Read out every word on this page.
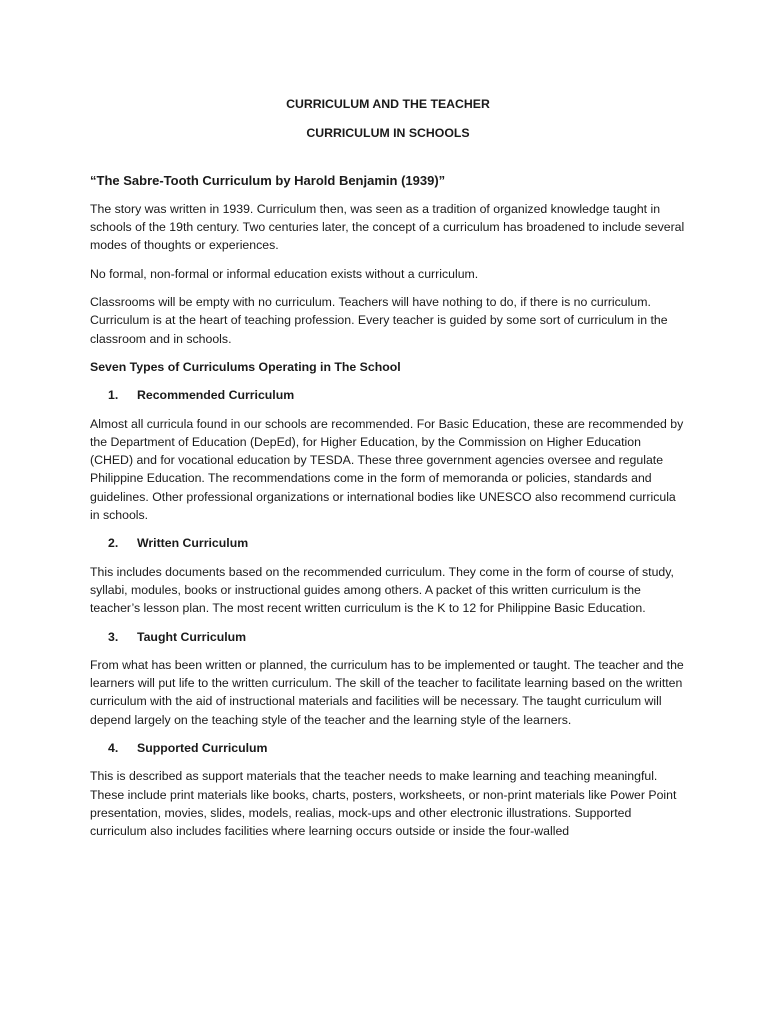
CURRICULUM AND THE TEACHER

CURRICULUM IN SCHOOLS

“The Sabre-Tooth Curriculum by Harold Benjamin (1939)”

The story was written in 1939. Curriculum then, was seen as a tradition of organized knowledge taught in schools of the 19th century. Two centuries later, the concept of a curriculum has broadened to include several modes of thoughts or experiences.

No formal, non-formal or informal education exists without a curriculum.

Classrooms will be empty with no curriculum. Teachers will have nothing to do, if there is no curriculum. Curriculum is at the heart of teaching profession. Every teacher is guided by some sort of curriculum in the classroom and in schools.

Seven Types of Curriculums Operating in The School

1.	Recommended Curriculum

Almost all curricula found in our schools are recommended. For Basic Education, these are recommended by the Department of Education (DepEd), for Higher Education, by the Commission on Higher Education (CHED) and for vocational education by TESDA. These three government agencies oversee and regulate Philippine Education. The recommendations come in the form of memoranda or policies, standards and guidelines. Other professional organizations or international bodies like UNESCO also recommend curricula in schools.

2.	Written Curriculum

This includes documents based on the recommended curriculum. They come in the form of course of study, syllabi, modules, books or instructional guides among others. A packet of this written curriculum is the teacher’s lesson plan. The most recent written curriculum is the K to 12 for Philippine Basic Education.

3.	Taught Curriculum

From what has been written or planned, the curriculum has to be implemented or taught. The teacher and the learners will put life to the written curriculum. The skill of the teacher to facilitate learning based on the written curriculum with the aid of instructional materials and facilities will be necessary. The taught curriculum will depend largely on the teaching style of the teacher and the learning style of the learners.

4.	Supported Curriculum

This is described as support materials that the teacher needs to make learning and teaching meaningful. These include print materials like books, charts, posters, worksheets, or non-print materials like Power Point presentation, movies, slides, models, realias, mock-ups and other electronic illustrations. Supported curriculum also includes facilities where learning occurs outside or inside the four-walled
